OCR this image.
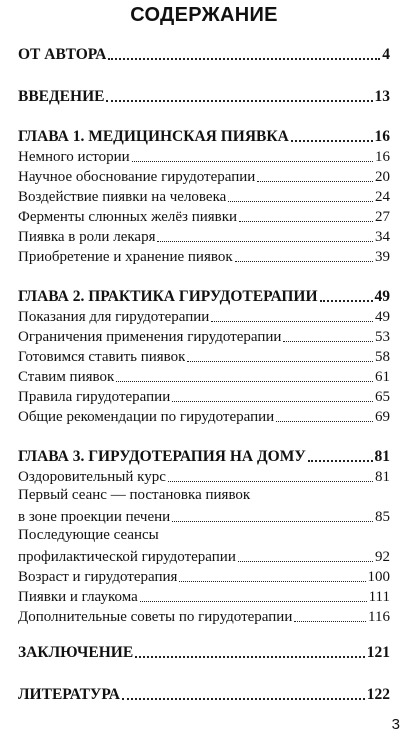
СОДЕРЖАНИЕ
ОТ АВТОРА	4
ВВЕДЕНИЕ	13
ГЛАВА 1. МЕДИЦИНСКАЯ ПИЯВКА	16
Немного истории	16
Научное обоснование гирудотерапии	20
Воздействие пиявки на человека	24
Ферменты слюнных желёз пиявки	27
Пиявка в роли лекаря	34
Приобретение и хранение пиявок	39
ГЛАВА 2. ПРАКТИКА ГИРУДОТЕРАПИИ	49
Показания для гирудотерапии	49
Ограничения применения гирудотерапии	53
Готовимся ставить пиявок	58
Ставим пиявок	61
Правила гирудотерапии	65
Общие рекомендации по гирудотерапии	69
ГЛАВА 3. ГИРУДОТЕРАПИЯ НА ДОМУ	81
Оздоровительный курс	81
Первый сеанс — постановка пиявок
в зоне проекции печени	85
Последующие сеансы
профилактической гирудотерапии	92
Возраст и гирудотерапия	100
Пиявки и глаукома	111
Дополнительные советы по гирудотерапии	116
ЗАКЛЮЧЕНИЕ	121
ЛИТЕРАТУРА	122
3
